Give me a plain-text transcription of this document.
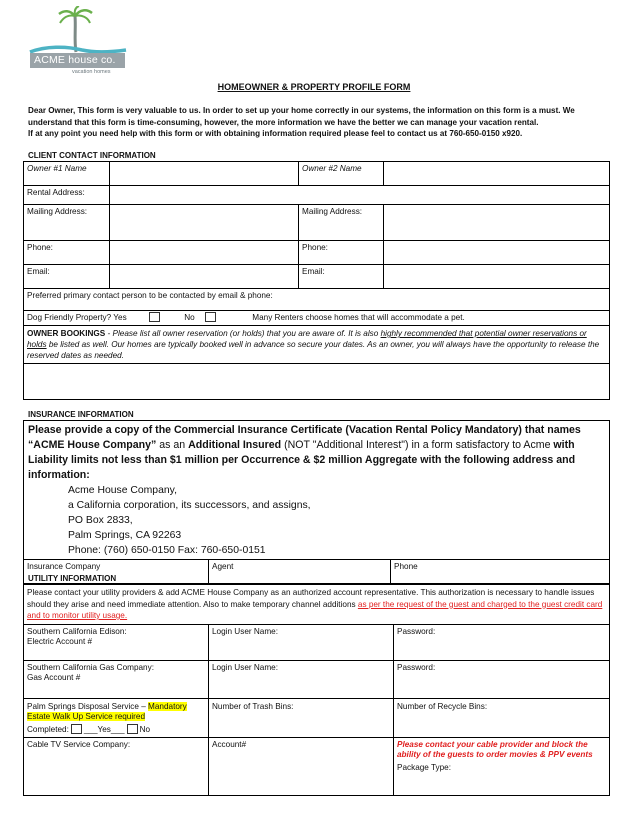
ACME house co.
vacation homes
HOMEOWNER & PROPERTY PROFILE FORM
Dear Owner, This form is very valuable to us. In order to set up your home correctly in our systems, the information on this form is a must. We
understand that this form is time-consuming, however, the more information we have the better we can manage your vacation rental.
If at any point you need help with this form or with obtaining information required please feel to contact us at 760-650-0150 x920.
CLIENT CONTACT INFORMATION
Owner #1 Name		Owner #2 Name	
Rental Address:			
Mailing Address:		Mailing Address:	
Phone:		Phone:	
Email:		Email:	
Preferred primary contact person to be contacted by email & phone:			
Dog Friendly Property? Yes No Many Renters choose homes that will accommodate a pet.			
OWNER BOOKINGS - Please list all owner reservation (or holds) that you are aware of. It is also highly recommended that potential owner reservations or holds be listed as well. Our homes are typically booked well in advance so secure your dates. As an owner, you will always have the opportunity to release the reserved dates as needed.			

INSURANCE INFORMATION
Please provide a copy of the Commercial Insurance Certificate (Vacation Rental Policy Mandatory) that names “ACME House Company” as an Additional Insured (NOT "Additional Interest") in a form satisfactory to Acme with Liability limits not less than $1 million per Occurrence & $2 million Aggregate with the following address and information:
Acme House Company,
a California corporation, its successors, and assigns,
PO Box 2833,
Palm Springs, CA 92263
Phone: (760) 650-0150 Fax: 760-650-0151

Insurance Company	Agent	Phone
UTILITY INFORMATION
Please contact your utility providers & add ACME House Company as an authorized account representative. This authorization is necessary to handle issues should they arise and need immediate attention. Also to make temporary channel additions as per the request of the guest and charged to the guest credit card and to monitor utility usage.		

Southern California Edison:
Electric Account #	Login User Name:	Password:

Southern California Gas Company:
Gas Account #	Login User Name:	Password:

Palm Springs Disposal Service – Mandatory Estate Walk Up Service required
Completed: ___Yes___ No	Number of Trash Bins:	Number of Recycle Bins:
Cable TV Service Company:	Account#	Please contact your cable provider and block the ability of the guests to order movies & PPV events
Package Type:
